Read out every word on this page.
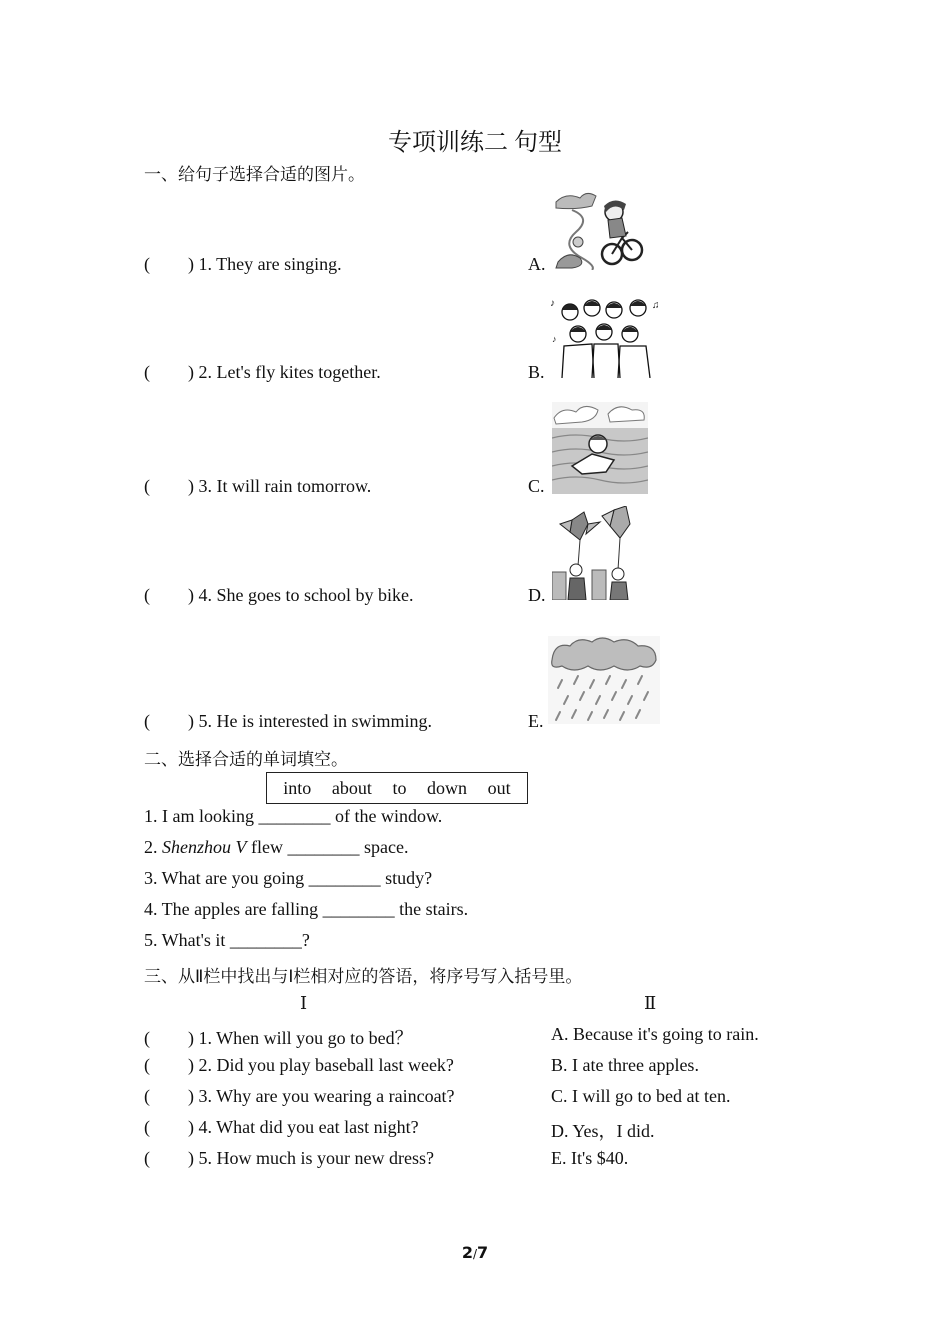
专项训练二 句型
一、给句子选择合适的图片。
( ) 1. They are singing.
( ) 2. Let's fly kites together.
( ) 3. It will rain tomorrow.
( ) 4. She goes to school by bike.
( ) 5. He is interested in swimming.
A.
B.
C.
D.
E.
♪	♫
♪
二、选择合适的单词填空。
into about to down out
1. I am looking ________ of the window.
2. Shenzhou V flew ________ space.
3. What are you going ________ study?
4. The apples are falling ________ the stairs.
5. What's it ________?
三、从Ⅱ栏中找出与Ⅰ栏相对应的答语，将序号写入括号里。
Ⅰ	Ⅱ
( ) 1. When will you go to bed？
( ) 2. Did you play baseball last week?
( ) 3. Why are you wearing a raincoat?
( ) 4. What did you eat last night?
( ) 5. How much is your new dress?
A. Because it's going to rain.
B. I ate three apples.
C. I will go to bed at ten.
D. Yes，I did.
E. It's $40.
2/7
